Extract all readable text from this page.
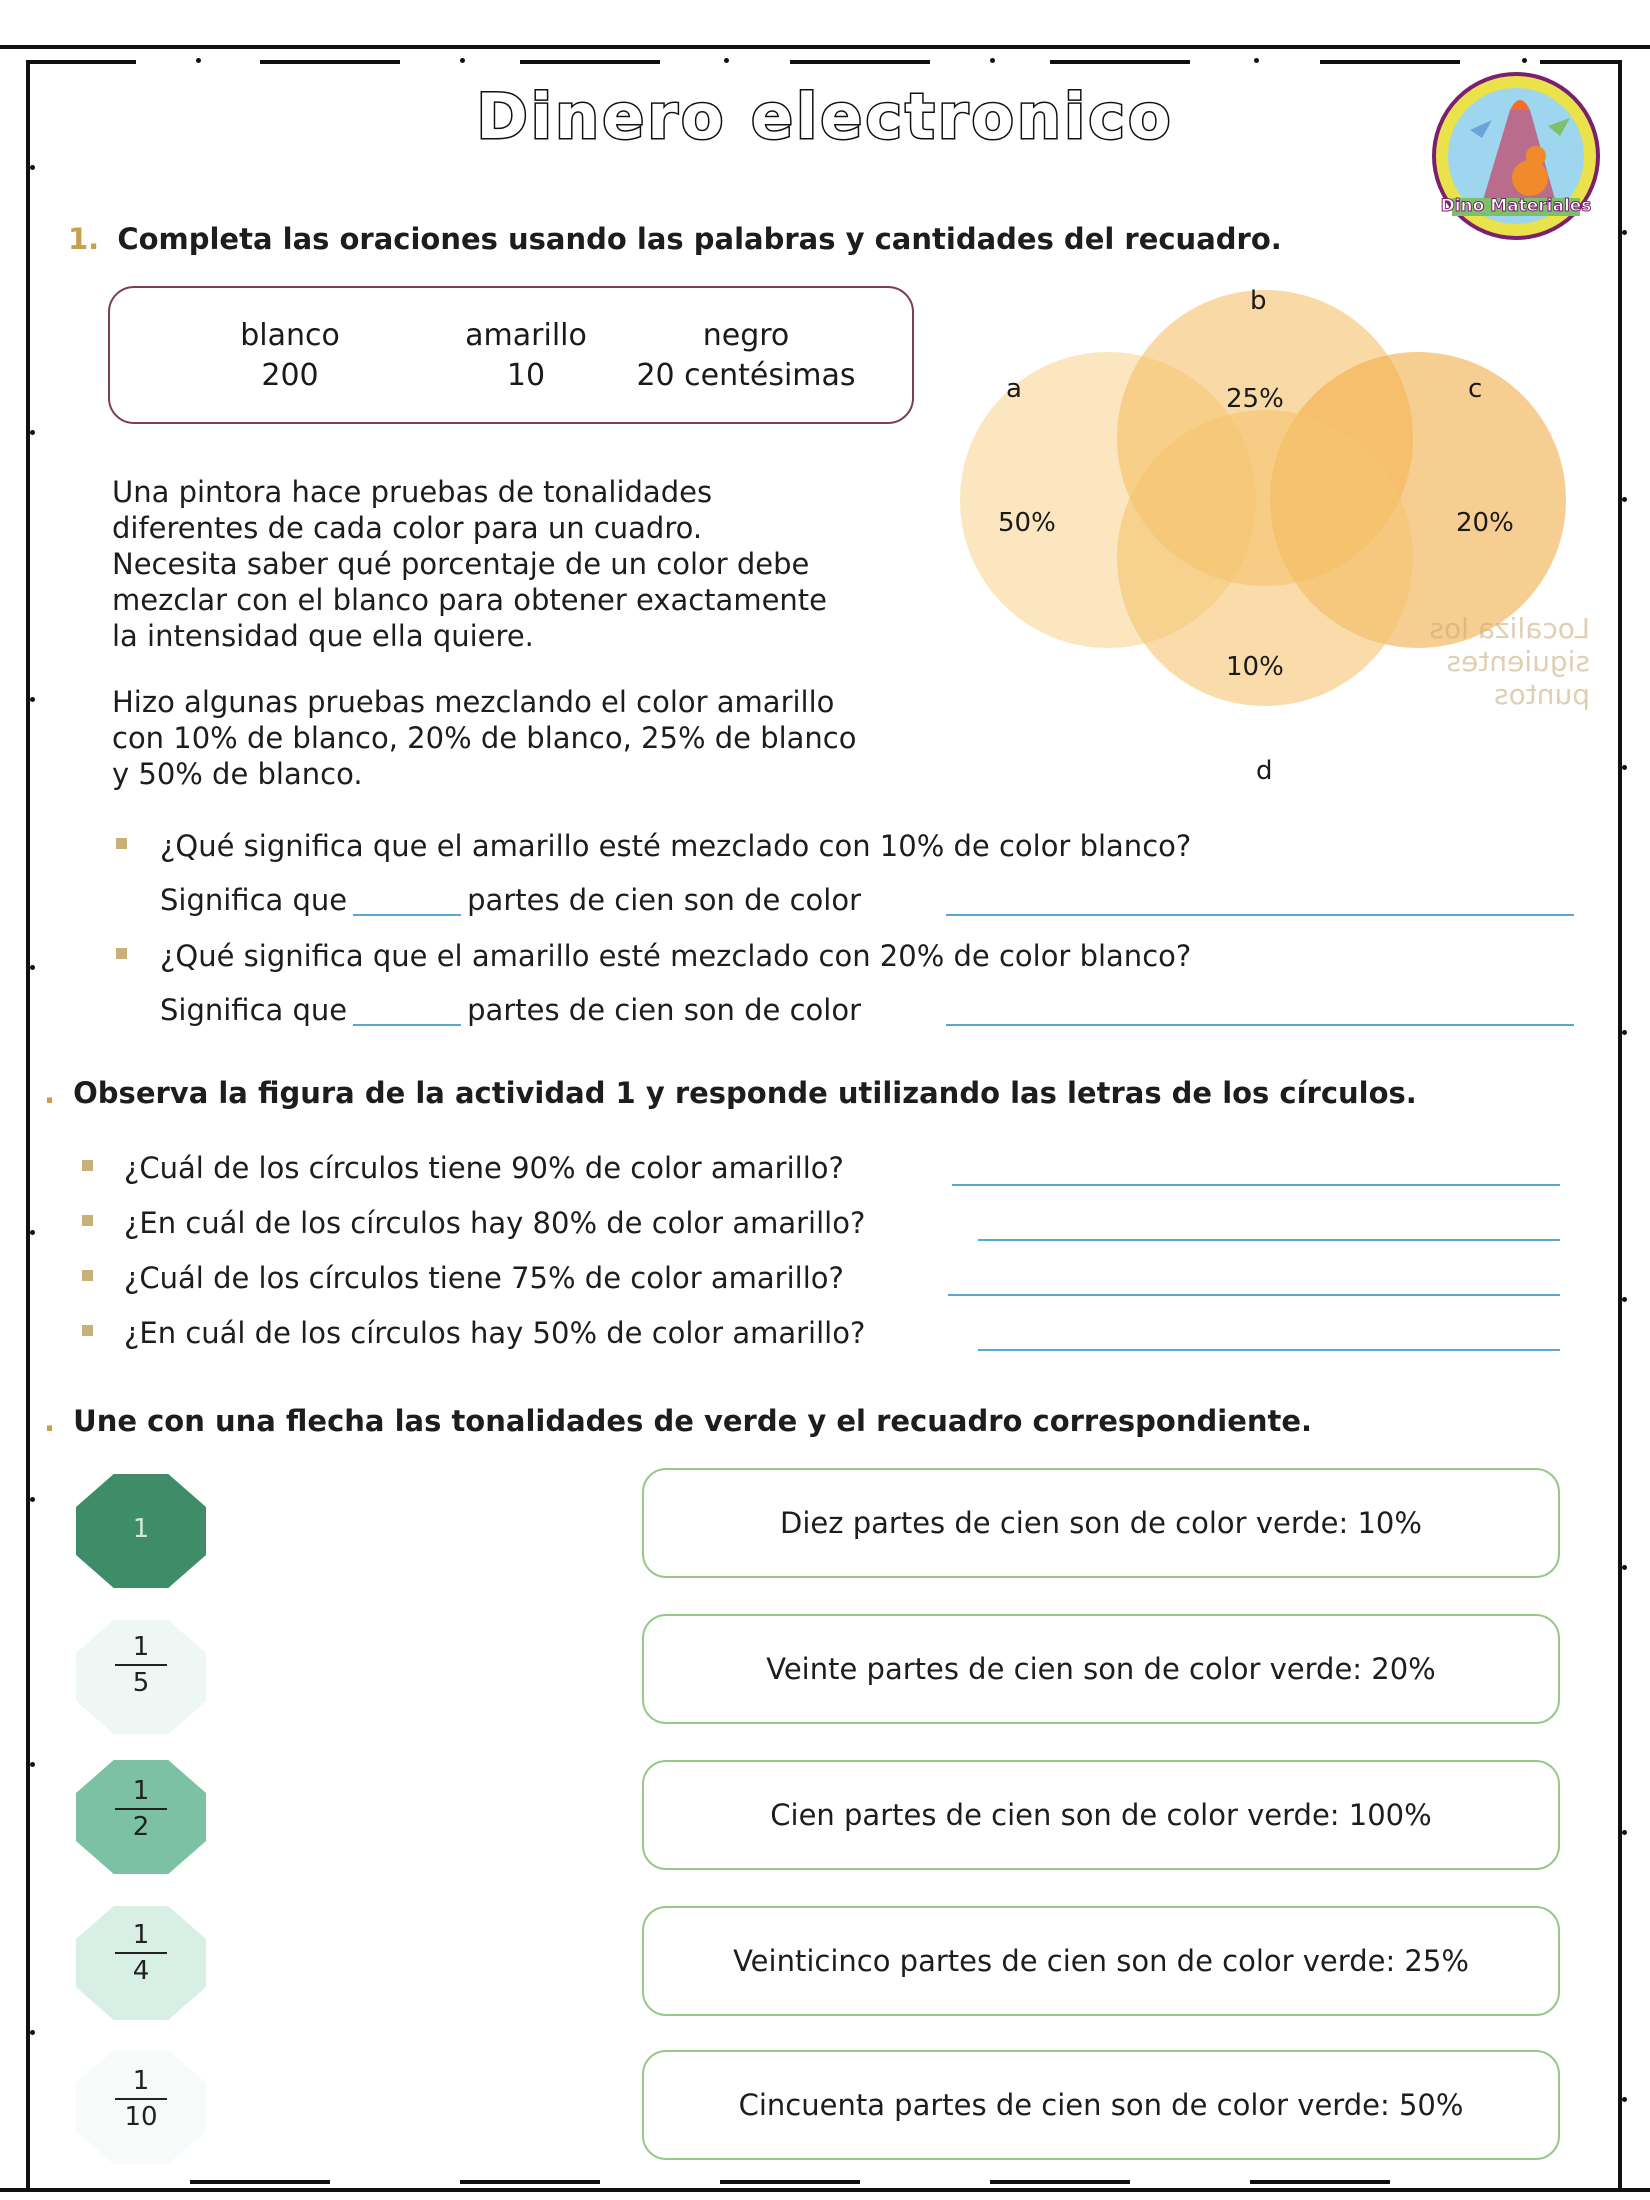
Dinero electronico
Dino Materiales
1. Completa las oraciones usando las palabras y cantidades del recuadro.
blanco	amarillo	negro
200	10	20 centésimas
Una pintora hace pruebas de tonalidades
diferentes de cada color para un cuadro.
Necesita saber qué porcentaje de un color debe
mezclar con el blanco para obtener exactamente
la intensidad que ella quiere.
Hizo algunas pruebas mezclando el color amarillo
con 10% de blanco, 20% de blanco, 25% de blanco
y 50% de blanco.
Localiza los siguientes puntos
a
b
c
d
50%
25%
20%
10%
¿Qué significa que el amarillo esté mezclado con 10% de color blanco?
Significa que	partes de cien son de color
¿Qué significa que el amarillo esté mezclado con 20% de color blanco?
Significa que	partes de cien son de color
. Observa la figura de la actividad 1 y responde utilizando las letras de los círculos.
¿Cuál de los círculos tiene 90% de color amarillo?
¿En cuál de los círculos hay 80% de color amarillo?
¿Cuál de los círculos tiene 75% de color amarillo?
¿En cuál de los círculos hay 50% de color amarillo?
. Une con una flecha las tonalidades de verde y el recuadro correspondiente.
1
1
5
1
2
1
4
1
10
Diez partes de cien son de color verde: 10%
Veinte partes de cien son de color verde: 20%
Cien partes de cien son de color verde: 100%
Veinticinco partes de cien son de color verde: 25%
Cincuenta partes de cien son de color verde: 50%
